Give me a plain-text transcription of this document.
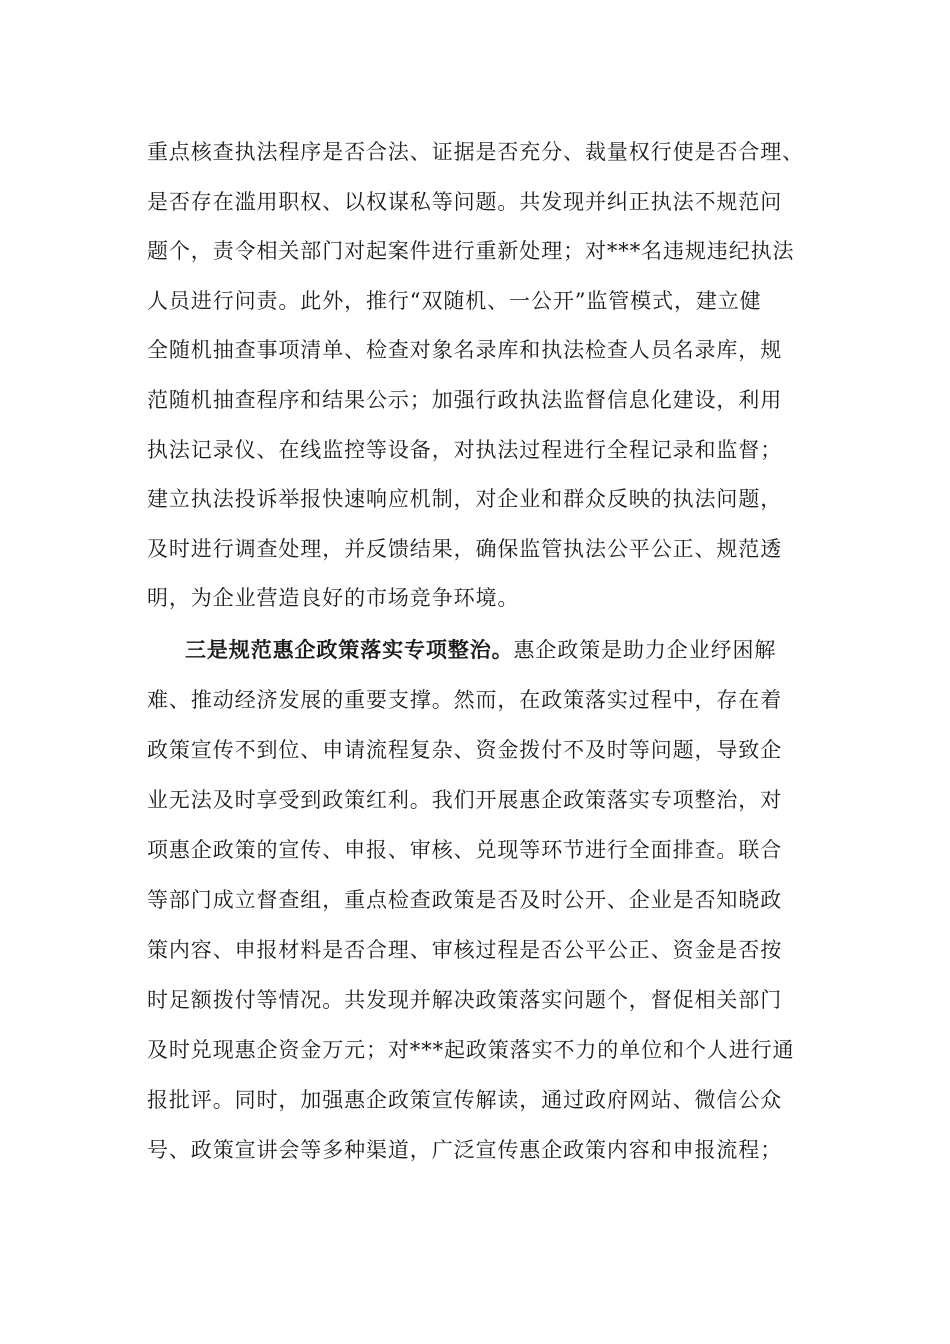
重点核查执法程序是否合法、证据是否充分、裁量权行使是否合理、
是否存在滥用职权、以权谋私等问题。共发现并纠正执法不规范问
题个，责令相关部门对起案件进行重新处理；对***名违规违纪执法
人员进行问责。此外，推行“双随机、一公开”监管模式，建立健
全随机抽查事项清单、检查对象名录库和执法检查人员名录库，规
范随机抽查程序和结果公示；加强行政执法监督信息化建设，利用
执法记录仪、在线监控等设备，对执法过程进行全程记录和监督；
建立执法投诉举报快速响应机制，对企业和群众反映的执法问题，
及时进行调查处理，并反馈结果，确保监管执法公平公正、规范透
明，为企业营造良好的市场竞争环境。
三是规范惠企政策落实专项整治。惠企政策是助力企业纾困解
难、推动经济发展的重要支撑。然而，在政策落实过程中，存在着
政策宣传不到位、申请流程复杂、资金拨付不及时等问题，导致企
业无法及时享受到政策红利。我们开展惠企政策落实专项整治，对
项惠企政策的宣传、申报、审核、兑现等环节进行全面排查。联合
等部门成立督查组，重点检查政策是否及时公开、企业是否知晓政
策内容、申报材料是否合理、审核过程是否公平公正、资金是否按
时足额拨付等情况。共发现并解决政策落实问题个，督促相关部门
及时兑现惠企资金万元；对***起政策落实不力的单位和个人进行通
报批评。同时，加强惠企政策宣传解读，通过政府网站、微信公众
号、政策宣讲会等多种渠道，广泛宣传惠企政策内容和申报流程；
